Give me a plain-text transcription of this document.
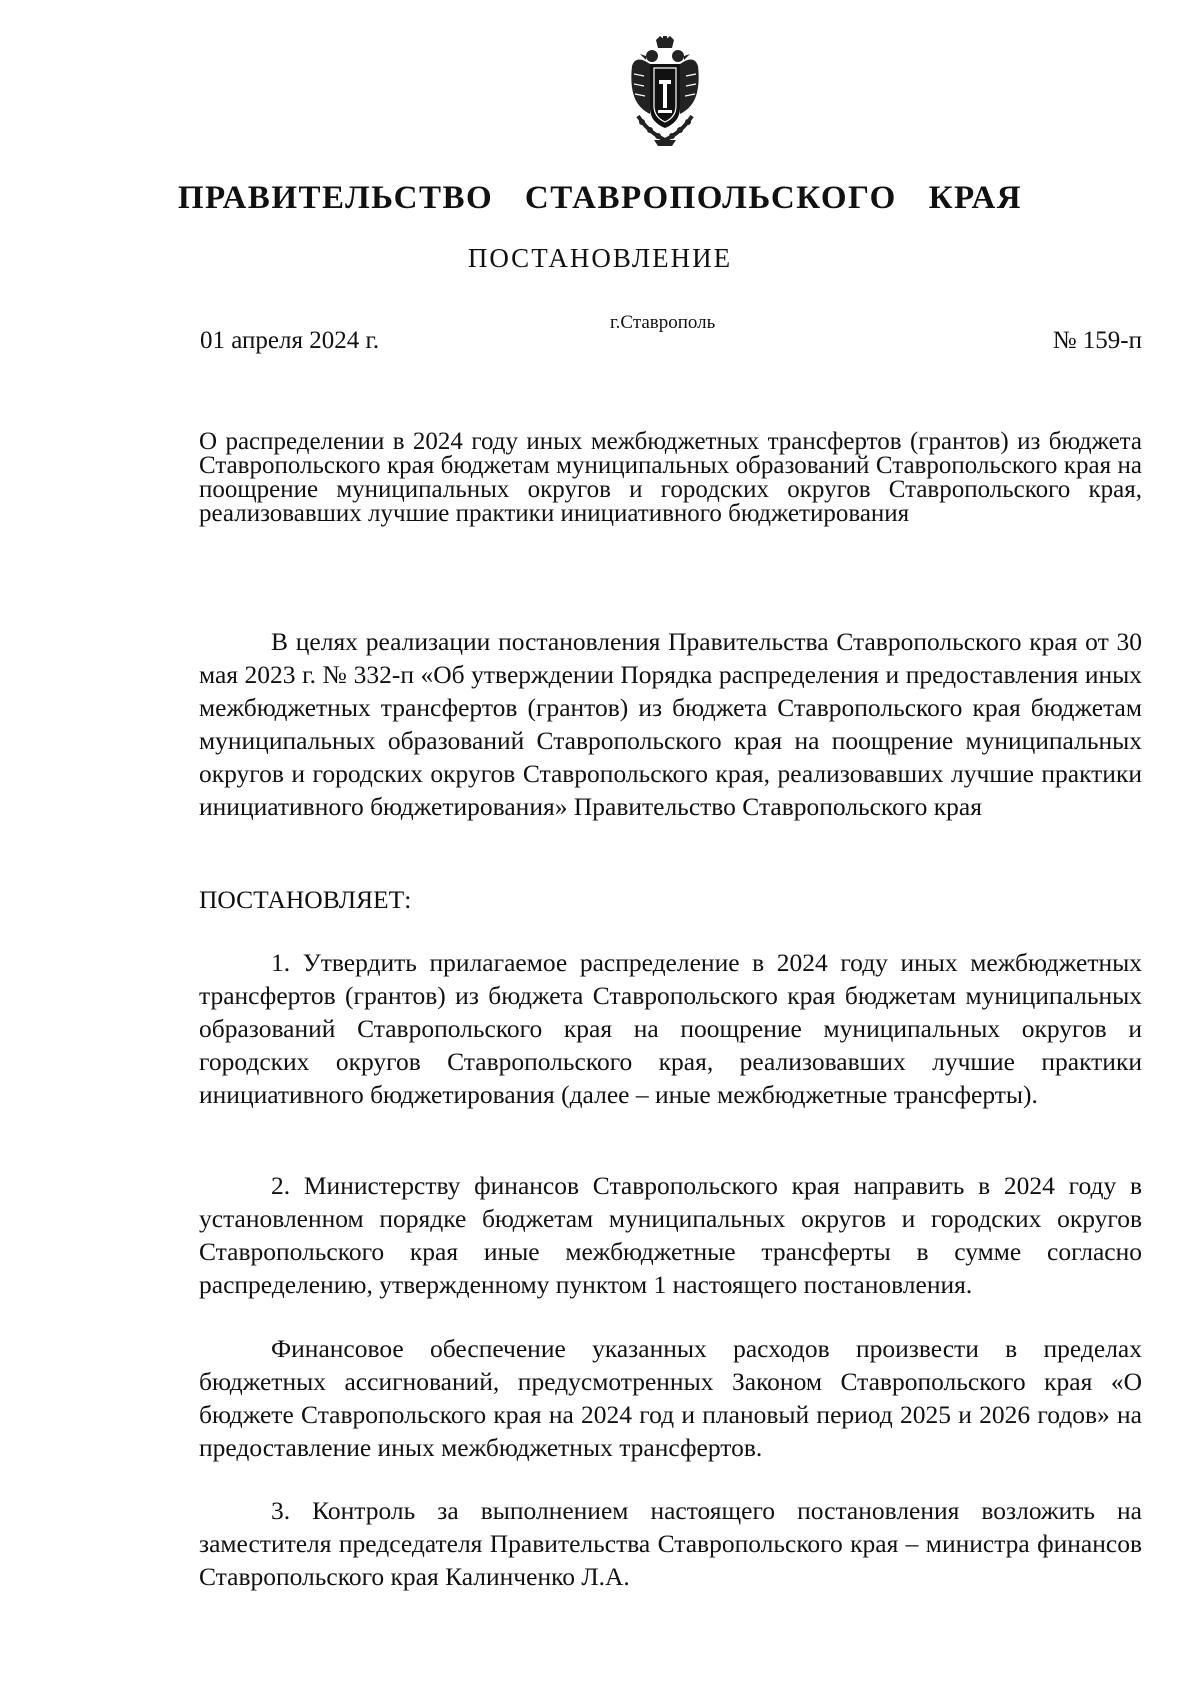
ПРАВИТЕЛЬСТВО СТАВРОПОЛЬСКОГО КРАЯ
ПОСТАНОВЛЕНИЕ
01 апреля 2024 г.
г.Ставрополь
№ 159-п
О распределении в 2024 году иных межбюджетных трансфертов (грантов) из бюджета Ставропольского края бюджетам муниципальных образований Ставропольского края на поощрение муниципальных округов и городских округов Ставропольского края, реализовавших лучшие практики инициативного бюджетирования

В целях реализации постановления Правительства Ставропольского края от 30 мая 2023 г. № 332-п «Об утверждении Порядка распределения и предоставления иных межбюджетных трансфертов (грантов) из бюджета Ставропольского края бюджетам муниципальных образований Ставропольского края на поощрение муниципальных округов и городских округов Ставропольского края, реализовавших лучшие практики инициативного бюджетирования» Правительство Ставропольского края

ПОСТАНОВЛЯЕТ:

1. Утвердить прилагаемое распределение в 2024 году иных межбюджетных трансфертов (грантов) из бюджета Ставропольского края бюджетам муниципальных образований Ставропольского края на поощрение муниципальных округов и городских округов Ставропольского края, реализовавших лучшие практики инициативного бюджетирования (далее – иные межбюджетные трансферты).

2. Министерству финансов Ставропольского края направить в 2024 году в установленном порядке бюджетам муниципальных округов и городских округов Ставропольского края иные межбюджетные трансферты в сумме согласно распределению, утвержденному пунктом 1 настоящего постановления.

Финансовое обеспечение указанных расходов произвести в пределах бюджетных ассигнований, предусмотренных Законом Ставропольского края «О бюджете Ставропольского края на 2024 год и плановый период 2025 и 2026 годов» на предоставление иных межбюджетных трансфертов.

3. Контроль за выполнением настоящего постановления возложить на заместителя председателя Правительства Ставропольского края – министра финансов Ставропольского края Калинченко Л.А.
